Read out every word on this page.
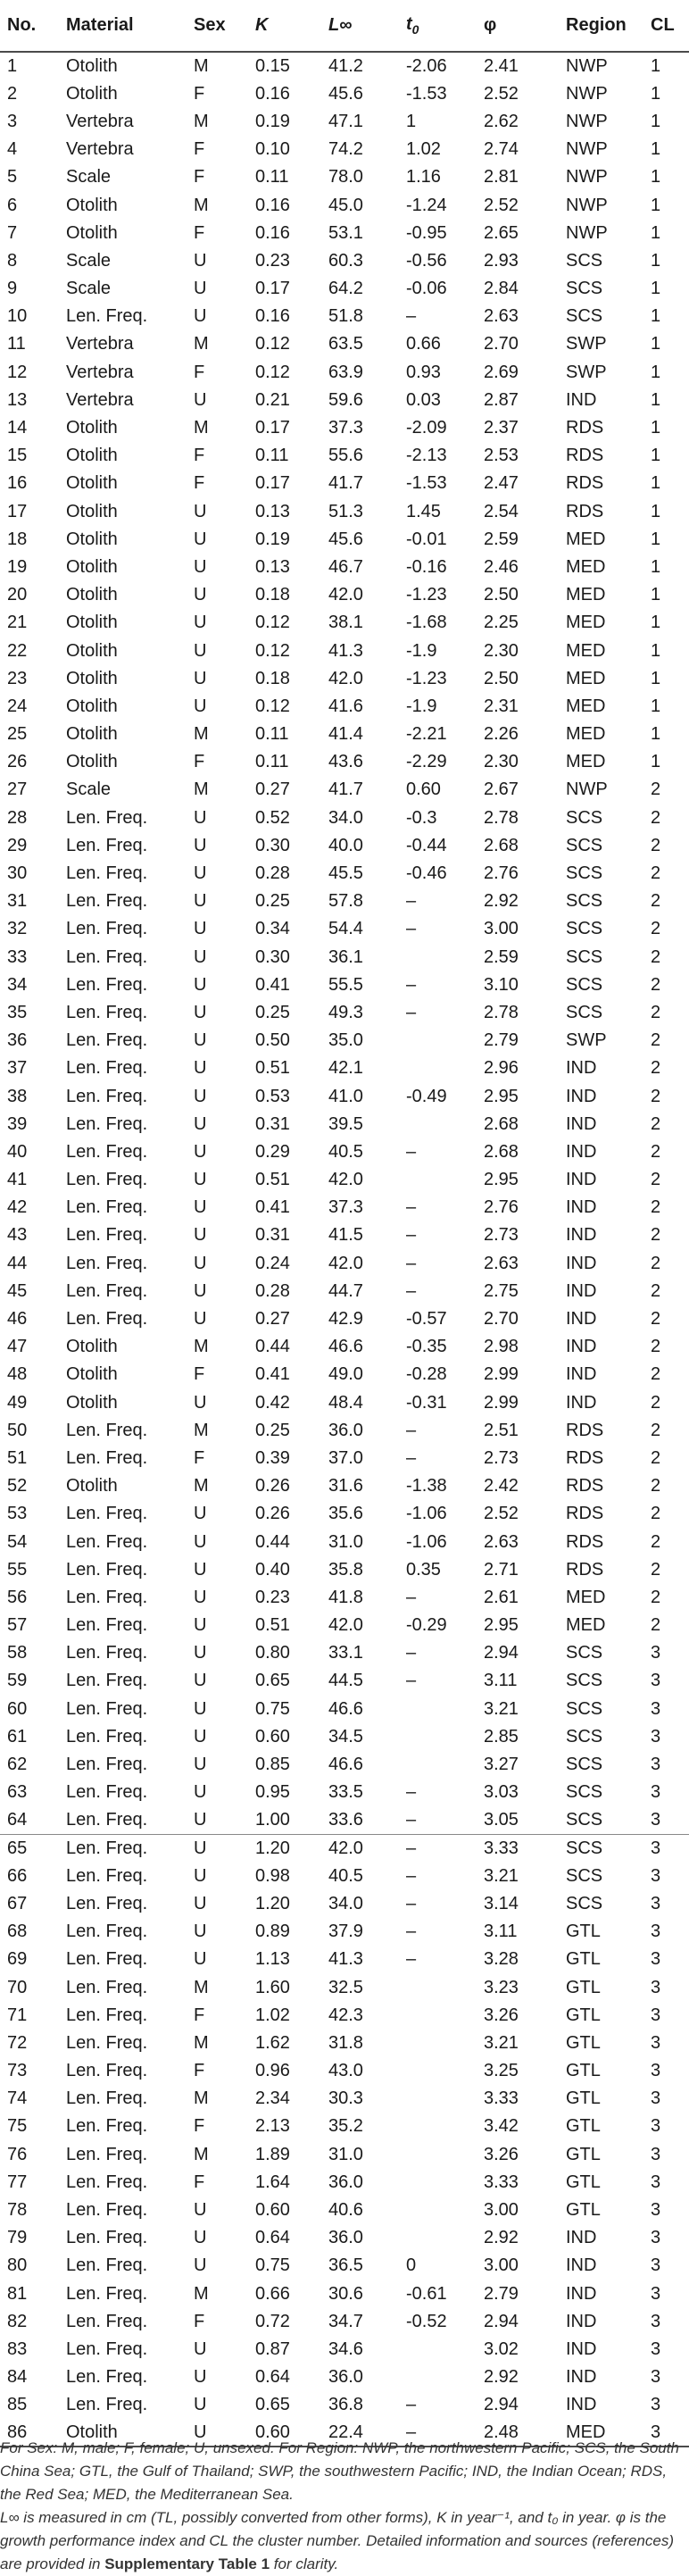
No.	Material	Sex	K	L∞	$t_0$	φ	Region	CL
1	Otolith	M	0.15	41.2	-2.06	2.41	NWP	1
2	Otolith	F	0.16	45.6	-1.53	2.52	NWP	1
3	Vertebra	M	0.19	47.1	1	2.62	NWP	1
4	Vertebra	F	0.10	74.2	1.02	2.74	NWP	1
5	Scale	F	0.11	78.0	1.16	2.81	NWP	1
6	Otolith	M	0.16	45.0	-1.24	2.52	NWP	1
7	Otolith	F	0.16	53.1	-0.95	2.65	NWP	1
8	Scale	U	0.23	60.3	-0.56	2.93	SCS	1
9	Scale	U	0.17	64.2	-0.06	2.84	SCS	1
10	Len. Freq.	U	0.16	51.8	–	2.63	SCS	1
11	Vertebra	M	0.12	63.5	0.66	2.70	SWP	1
12	Vertebra	F	0.12	63.9	0.93	2.69	SWP	1
13	Vertebra	U	0.21	59.6	0.03	2.87	IND	1
14	Otolith	M	0.17	37.3	-2.09	2.37	RDS	1
15	Otolith	F	0.11	55.6	-2.13	2.53	RDS	1
16	Otolith	F	0.17	41.7	-1.53	2.47	RDS	1
17	Otolith	U	0.13	51.3	1.45	2.54	RDS	1
18	Otolith	U	0.19	45.6	-0.01	2.59	MED	1
19	Otolith	U	0.13	46.7	-0.16	2.46	MED	1
20	Otolith	U	0.18	42.0	-1.23	2.50	MED	1
21	Otolith	U	0.12	38.1	-1.68	2.25	MED	1
22	Otolith	U	0.12	41.3	-1.9	2.30	MED	1
23	Otolith	U	0.18	42.0	-1.23	2.50	MED	1
24	Otolith	U	0.12	41.6	-1.9	2.31	MED	1
25	Otolith	M	0.11	41.4	-2.21	2.26	MED	1
26	Otolith	F	0.11	43.6	-2.29	2.30	MED	1
27	Scale	M	0.27	41.7	0.60	2.67	NWP	2
28	Len. Freq.	U	0.52	34.0	-0.3	2.78	SCS	2
29	Len. Freq.	U	0.30	40.0	-0.44	2.68	SCS	2
30	Len. Freq.	U	0.28	45.5	-0.46	2.76	SCS	2
31	Len. Freq.	U	0.25	57.8	–	2.92	SCS	2
32	Len. Freq.	U	0.34	54.4	–	3.00	SCS	2
33	Len. Freq.	U	0.30	36.1		2.59	SCS	2
34	Len. Freq.	U	0.41	55.5	–	3.10	SCS	2
35	Len. Freq.	U	0.25	49.3	–	2.78	SCS	2
36	Len. Freq.	U	0.50	35.0		2.79	SWP	2
37	Len. Freq.	U	0.51	42.1		2.96	IND	2
38	Len. Freq.	U	0.53	41.0	-0.49	2.95	IND	2
39	Len. Freq.	U	0.31	39.5		2.68	IND	2
40	Len. Freq.	U	0.29	40.5	–	2.68	IND	2
41	Len. Freq.	U	0.51	42.0		2.95	IND	2
42	Len. Freq.	U	0.41	37.3	–	2.76	IND	2
43	Len. Freq.	U	0.31	41.5	–	2.73	IND	2
44	Len. Freq.	U	0.24	42.0	–	2.63	IND	2
45	Len. Freq.	U	0.28	44.7	–	2.75	IND	2
46	Len. Freq.	U	0.27	42.9	-0.57	2.70	IND	2
47	Otolith	M	0.44	46.6	-0.35	2.98	IND	2
48	Otolith	F	0.41	49.0	-0.28	2.99	IND	2
49	Otolith	U	0.42	48.4	-0.31	2.99	IND	2
50	Len. Freq.	M	0.25	36.0	–	2.51	RDS	2
51	Len. Freq.	F	0.39	37.0	–	2.73	RDS	2
52	Otolith	M	0.26	31.6	-1.38	2.42	RDS	2
53	Len. Freq.	U	0.26	35.6	-1.06	2.52	RDS	2
54	Len. Freq.	U	0.44	31.0	-1.06	2.63	RDS	2
55	Len. Freq.	U	0.40	35.8	0.35	2.71	RDS	2
56	Len. Freq.	U	0.23	41.8	–	2.61	MED	2
57	Len. Freq.	U	0.51	42.0	-0.29	2.95	MED	2
58	Len. Freq.	U	0.80	33.1	–	2.94	SCS	3
59	Len. Freq.	U	0.65	44.5	–	3.11	SCS	3
60	Len. Freq.	U	0.75	46.6		3.21	SCS	3
61	Len. Freq.	U	0.60	34.5		2.85	SCS	3
62	Len. Freq.	U	0.85	46.6		3.27	SCS	3
63	Len. Freq.	U	0.95	33.5	–	3.03	SCS	3
64	Len. Freq.	U	1.00	33.6	–	3.05	SCS	3
65	Len. Freq.	U	1.20	42.0	–	3.33	SCS	3
66	Len. Freq.	U	0.98	40.5	–	3.21	SCS	3
67	Len. Freq.	U	1.20	34.0	–	3.14	SCS	3
68	Len. Freq.	U	0.89	37.9	–	3.11	GTL	3
69	Len. Freq.	U	1.13	41.3	–	3.28	GTL	3
70	Len. Freq.	M	1.60	32.5		3.23	GTL	3
71	Len. Freq.	F	1.02	42.3		3.26	GTL	3
72	Len. Freq.	M	1.62	31.8		3.21	GTL	3
73	Len. Freq.	F	0.96	43.0		3.25	GTL	3
74	Len. Freq.	M	2.34	30.3		3.33	GTL	3
75	Len. Freq.	F	2.13	35.2		3.42	GTL	3
76	Len. Freq.	M	1.89	31.0		3.26	GTL	3
77	Len. Freq.	F	1.64	36.0		3.33	GTL	3
78	Len. Freq.	U	0.60	40.6		3.00	GTL	3
79	Len. Freq.	U	0.64	36.0		2.92	IND	3
80	Len. Freq.	U	0.75	36.5	0	3.00	IND	3
81	Len. Freq.	M	0.66	30.6	-0.61	2.79	IND	3
82	Len. Freq.	F	0.72	34.7	-0.52	2.94	IND	3
83	Len. Freq.	U	0.87	34.6		3.02	IND	3
84	Len. Freq.	U	0.64	36.0		2.92	IND	3
85	Len. Freq.	U	0.65	36.8	–	2.94	IND	3
86	Otolith	U	0.60	22.4	–	2.48	MED	3

For Sex: M, male; F, female; U, unsexed. For Region: NWP, the northwestern Pacific; SCS, the South China Sea; GTL, the Gulf of Thailand; SWP, the southwestern Pacific; IND, the Indian Ocean; RDS, the Red Sea; MED, the Mediterranean Sea.

L∞ is measured in cm (TL, possibly converted from other forms), K in year⁻¹, and t₀ in year. φ is the growth performance index and CL the cluster number. Detailed information and sources (references) are provided in Supplementary Table 1 for clarity.
